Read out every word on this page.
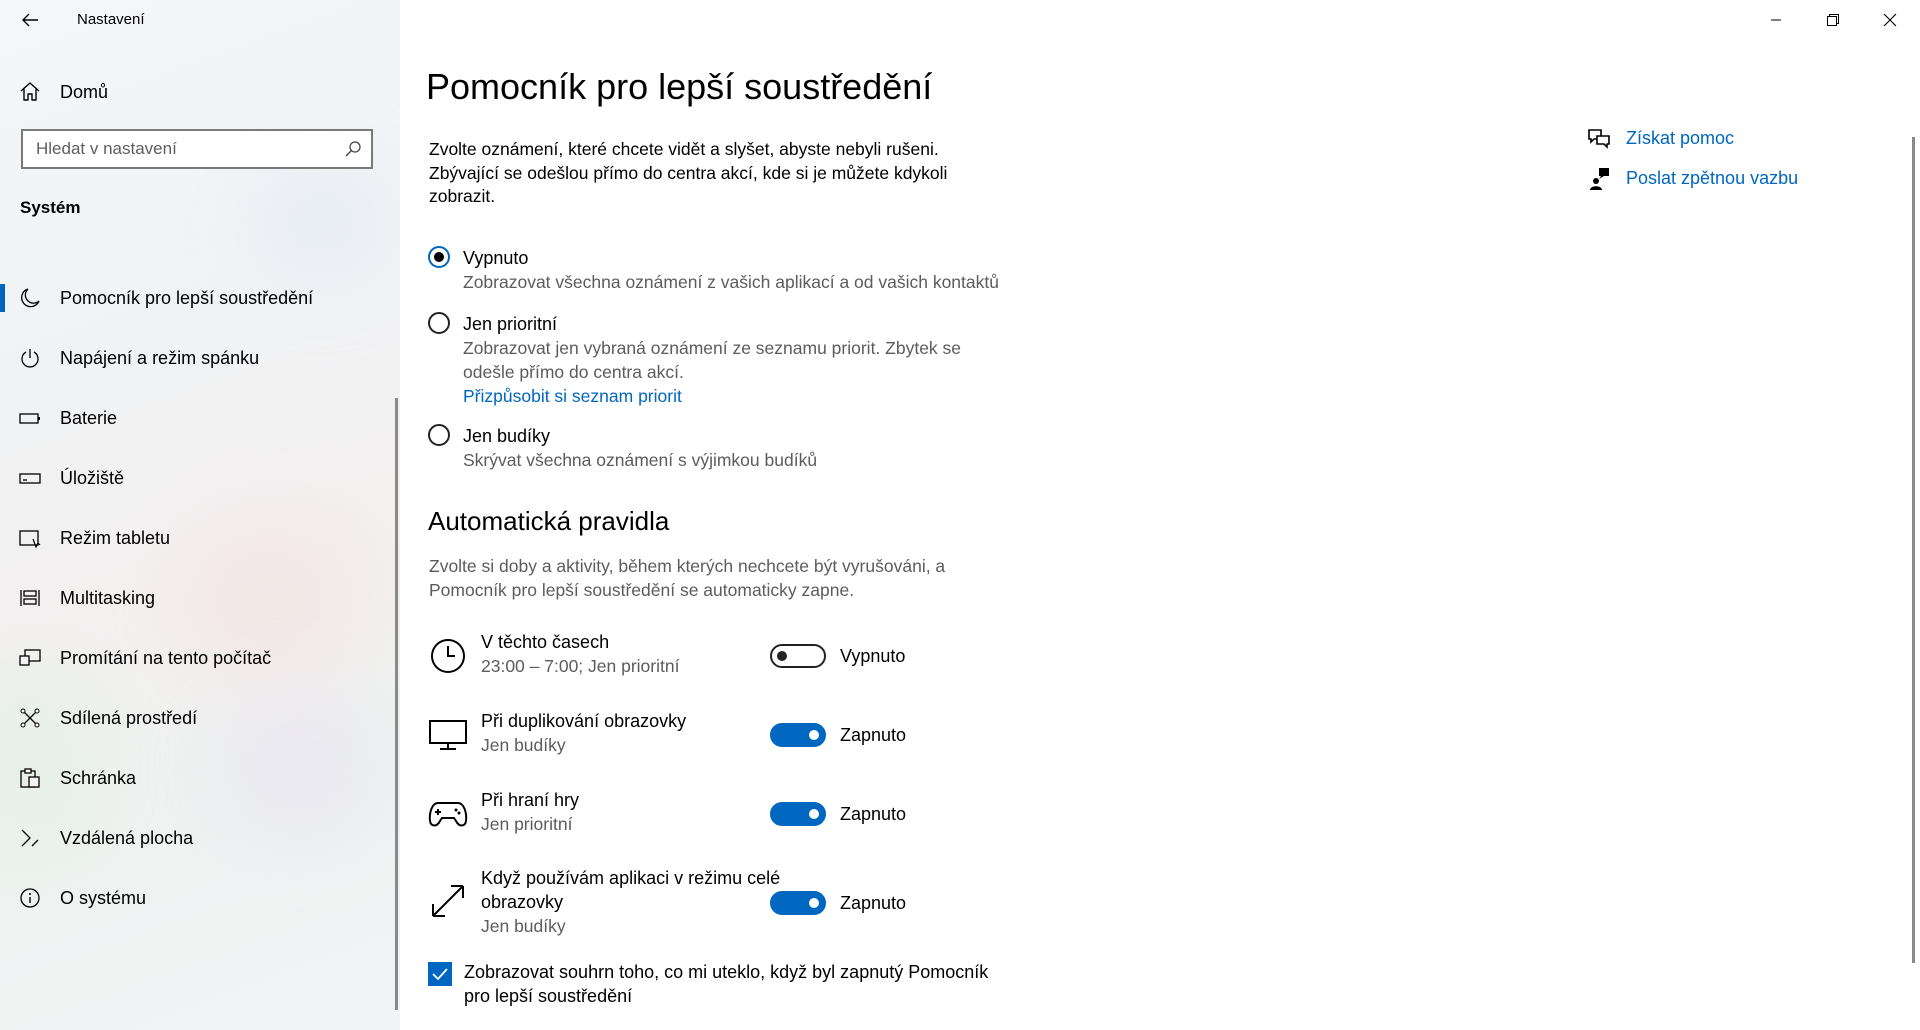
Nastavení
Domů
Hledat v nastavení
Systém
Pomocník pro lepší soustředění
Napájení a režim spánku
Baterie
Úložiště
Režim tabletu
Multitasking
Promítání na tento počítač
Sdílená prostředí
Schránka
Vzdálená plocha
O systému
Pomocník pro lepší soustředění
Zvolte oznámení, které chcete vidět a slyšet, abyste nebyli rušeni. Zbývající se odešlou přímo do centra akcí, kde si je můžete kdykoli zobrazit.
Vypnuto
Zobrazovat všechna oznámení z vašich aplikací a od vašich kontaktů
Jen prioritní
Zobrazovat jen vybraná oznámení ze seznamu priorit. Zbytek se odešle přímo do centra akcí.
Přizpůsobit si seznam priorit
Jen budíky
Skrývat všechna oznámení s výjimkou budíků
Automatická pravidla
Zvolte si doby a aktivity, během kterých nechcete být vyrušováni, a Pomocník pro lepší soustředění se automaticky zapne.
V těchto časech
23:00 – 7:00; Jen prioritní
Vypnuto
Při duplikování obrazovky
Jen budíky
Zapnuto
Při hraní hry
Jen prioritní
Zapnuto
Když používám aplikaci v režimu celé obrazovky
Jen budíky
Zapnuto
Zobrazovat souhrn toho, co mi uteklo, když byl zapnutý Pomocník pro lepší soustředění
Získat pomoc
Poslat zpětnou vazbu
